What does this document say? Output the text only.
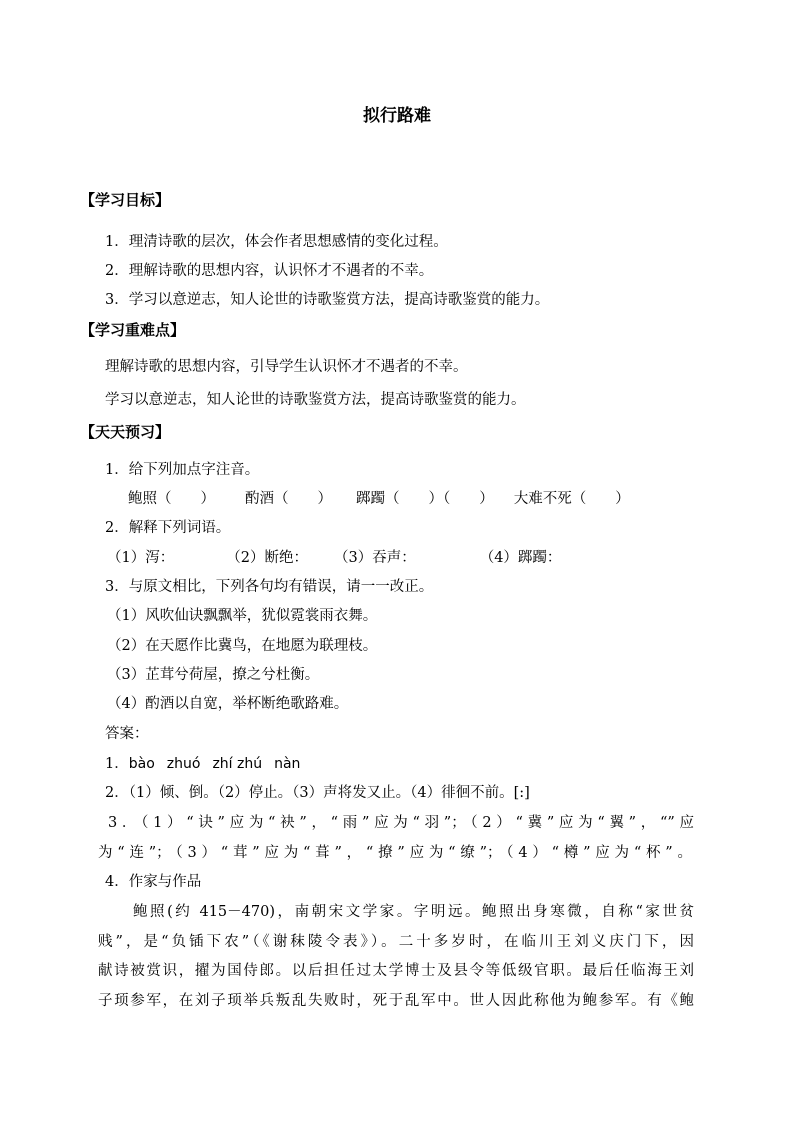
拟行路难
【学习目标】
1．理清诗歌的层次，体会作者思想感情的变化过程。
2．理解诗歌的思想内容，认识怀才不遇者的不幸。
3．学习以意逆志，知人论世的诗歌鉴赏方法，提高诗歌鉴赏的能力。
【学习重难点】
理解诗歌的思想内容，引导学生认识怀才不遇者的不幸。
学习以意逆志，知人论世的诗歌鉴赏方法，提高诗歌鉴赏的能力。
【天天预习】
1．给下列加点字注音。
鲍照（　　） 酌酒（　　） 踯躅（　　）（　　） 大难不死（　　）
2．解释下列词语。
（1）泻：	（2）断绝： （3）吞声：	（4）踯躅：
3．与原文相比，下列各句均有错误，请一一改正。
（1）风吹仙诀飘飘举，犹似霓裳雨衣舞。
（2）在天愿作比冀鸟，在地愿为联理枝。
（3）芷茸兮荷屋，撩之兮杜衡。
（4）酌酒以自宽，举杯断绝歌路难。
答案：
1．bào zhuó zhí zhú nàn
2．（1）倾、倒。（2）停止。（3）声将发又止。（4）徘徊不前。[:]
3．（1）“诀”应为“袂”，“雨”应为“羽”；（2）“冀”应为“翼”，“”应
为“连”；（3）“茸”应为“葺”，“撩”应为“缭”；（4）“樽”应为“杯”。
4．作家与作品
鲍照(约 415－470)，南朝宋文学家。字明远。鲍照出身寒微，自称“家世贫
贱”，是“负锸下农”（《谢秣陵令表》）。二十多岁时，在临川王刘义庆门下，因
献诗被赏识，擢为国侍郎。以后担任过太学博士及县令等低级官职。最后任临海王刘
子顼参军，在刘子顼举兵叛乱失败时，死于乱军中。世人因此称他为鲍参军。有《鲍
